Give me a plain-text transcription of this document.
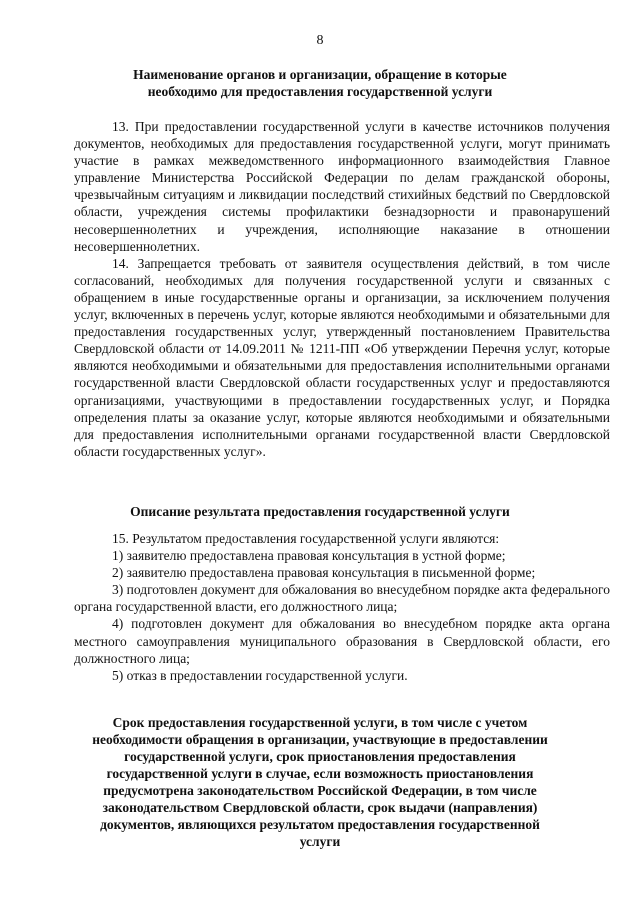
8
Наименование органов и организации, обращение в которые
необходимо для предоставления государственной услуги

13. При предоставлении государственной услуги в качестве источников получения документов, необходимых для предоставления государственной услуги, могут принимать участие в рамках межведомственного информационного взаимодействия Главное управление Министерства Российской Федерации по делам гражданской обороны, чрезвычайным ситуациям и ликвидации последствий стихийных бедствий по Свердловской области, учреждения системы профилактики безнадзорности и правонарушений несовершеннолетних и учреждения, исполняющие наказание в отношении несовершеннолетних.

14. Запрещается требовать от заявителя осуществления действий, в том числе согласований, необходимых для получения государственной услуги и связанных с обращением в иные государственные органы и организации, за исключением получения услуг, включенных в перечень услуг, которые являются необходимыми и обязательными для предоставления государственных услуг, утвержденный постановлением Правительства Свердловской области от 14.09.2011 № 1211-ПП «Об утверждении Перечня услуг, которые являются необходимыми и обязательными для предоставления исполнительными органами государственной власти Свердловской области государственных услуг и предоставляются организациями, участвующими в предоставлении государственных услуг, и Порядка определения платы за оказание услуг, которые являются необходимыми и обязательными для предоставления исполнительными органами государственной власти Свердловской области государственных услуг».

Описание результата предоставления государственной услуги

15. Результатом предоставления государственной услуги являются:

1) заявителю предоставлена правовая консультация в устной форме;

2) заявителю предоставлена правовая консультация в письменной форме;

3) подготовлен документ для обжалования во внесудебном порядке акта федерального органа государственной власти, его должностного лица;

4) подготовлен документ для обжалования во внесудебном порядке акта органа местного самоуправления муниципального образования в Свердловской области, его должностного лица;

5) отказ в предоставлении государственной услуги.

Срок предоставления государственной услуги, в том числе с учетом
необходимости обращения в организации, участвующие в предоставлении
государственной услуги, срок приостановления предоставления
государственной услуги в случае, если возможность приостановления
предусмотрена законодательством Российской Федерации, в том числе
законодательством Свердловской области, срок выдачи (направления)
документов, являющихся результатом предоставления государственной
услуги
